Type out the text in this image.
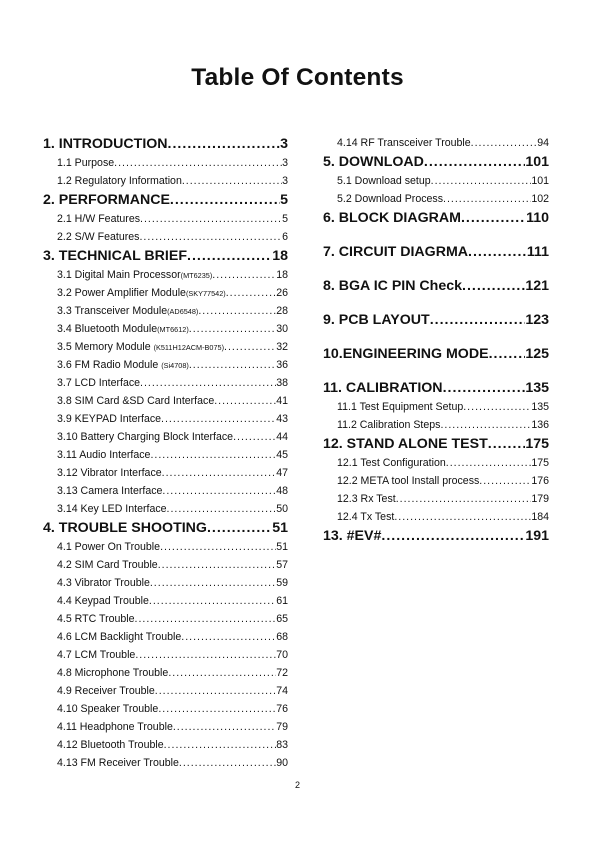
Table Of Contents
1. INTRODUCTION .....	3
1.1 Purpose .....	3
1.2 Regulatory Information .....	3
2. PERFORMANCE .....	5
2.1 H/W Features .....	5
2.2 S/W Features .....	6
3. TECHNICAL BRIEF .....	18
3.1 Digital Main Processor(MT6235) .....	18
3.2 Power Amplifier Module(SKY77542) .....	26
3.3 Transceiver Module(AD6548) .....	28
3.4 Bluetooth Module(MT6612) .....	30
3.5 Memory Module (K511H12ACM-B075) .....	32
3.6 FM Radio Module (Si4708) .....	36
3.7 LCD Interface .....	38
3.8 SIM Card &SD Card Interface .....	41
3.9 KEYPAD Interface .....	43
3.10 Battery Charging Block Interface .....	44
3.11 Audio Interface .....	45
3.12 Vibrator Interface .....	47
3.13 Camera Interface .....	48
3.14 Key LED Interface .....	50
4. TROUBLE SHOOTING .....	51
4.1 Power On Trouble .....	51
4.2 SIM Card Trouble .....	57
4.3 Vibrator Trouble .....	59
4.4 Keypad Trouble .....	61
4.5 RTC Trouble .....	65
4.6 LCM Backlight Trouble .....	68
4.7 LCM Trouble .....	70
4.8 Microphone Trouble .....	72
4.9 Receiver Trouble .....	74
4.10 Speaker Trouble .....	76
4.11 Headphone Trouble .....	79
4.12 Bluetooth Trouble .....	83
4.13 FM Receiver Trouble .....	90
4.14 RF Transceiver Trouble .....	94
5. DOWNLOAD .....	101
5.1 Download setup .....	101
5.2 Download Process .....	102
6. BLOCK DIAGRAM .....	110
7. CIRCUIT DIAGRMA .....	111
8. BGA IC PIN Check .....	121
9. PCB LAYOUT .....	123
10.ENGINEERING MODE .....	125
11. CALIBRATION .....	135
11.1 Test Equipment Setup .....	135
11.2 Calibration Steps .....	136
12. STAND ALONE TEST .....	175
12.1 Test Configuration .....	175
12.2 META tool Install process .....	176
12.3 Rx Test .....	179
12.4 Tx Test .....	184
13. #EV# .....	191
2
